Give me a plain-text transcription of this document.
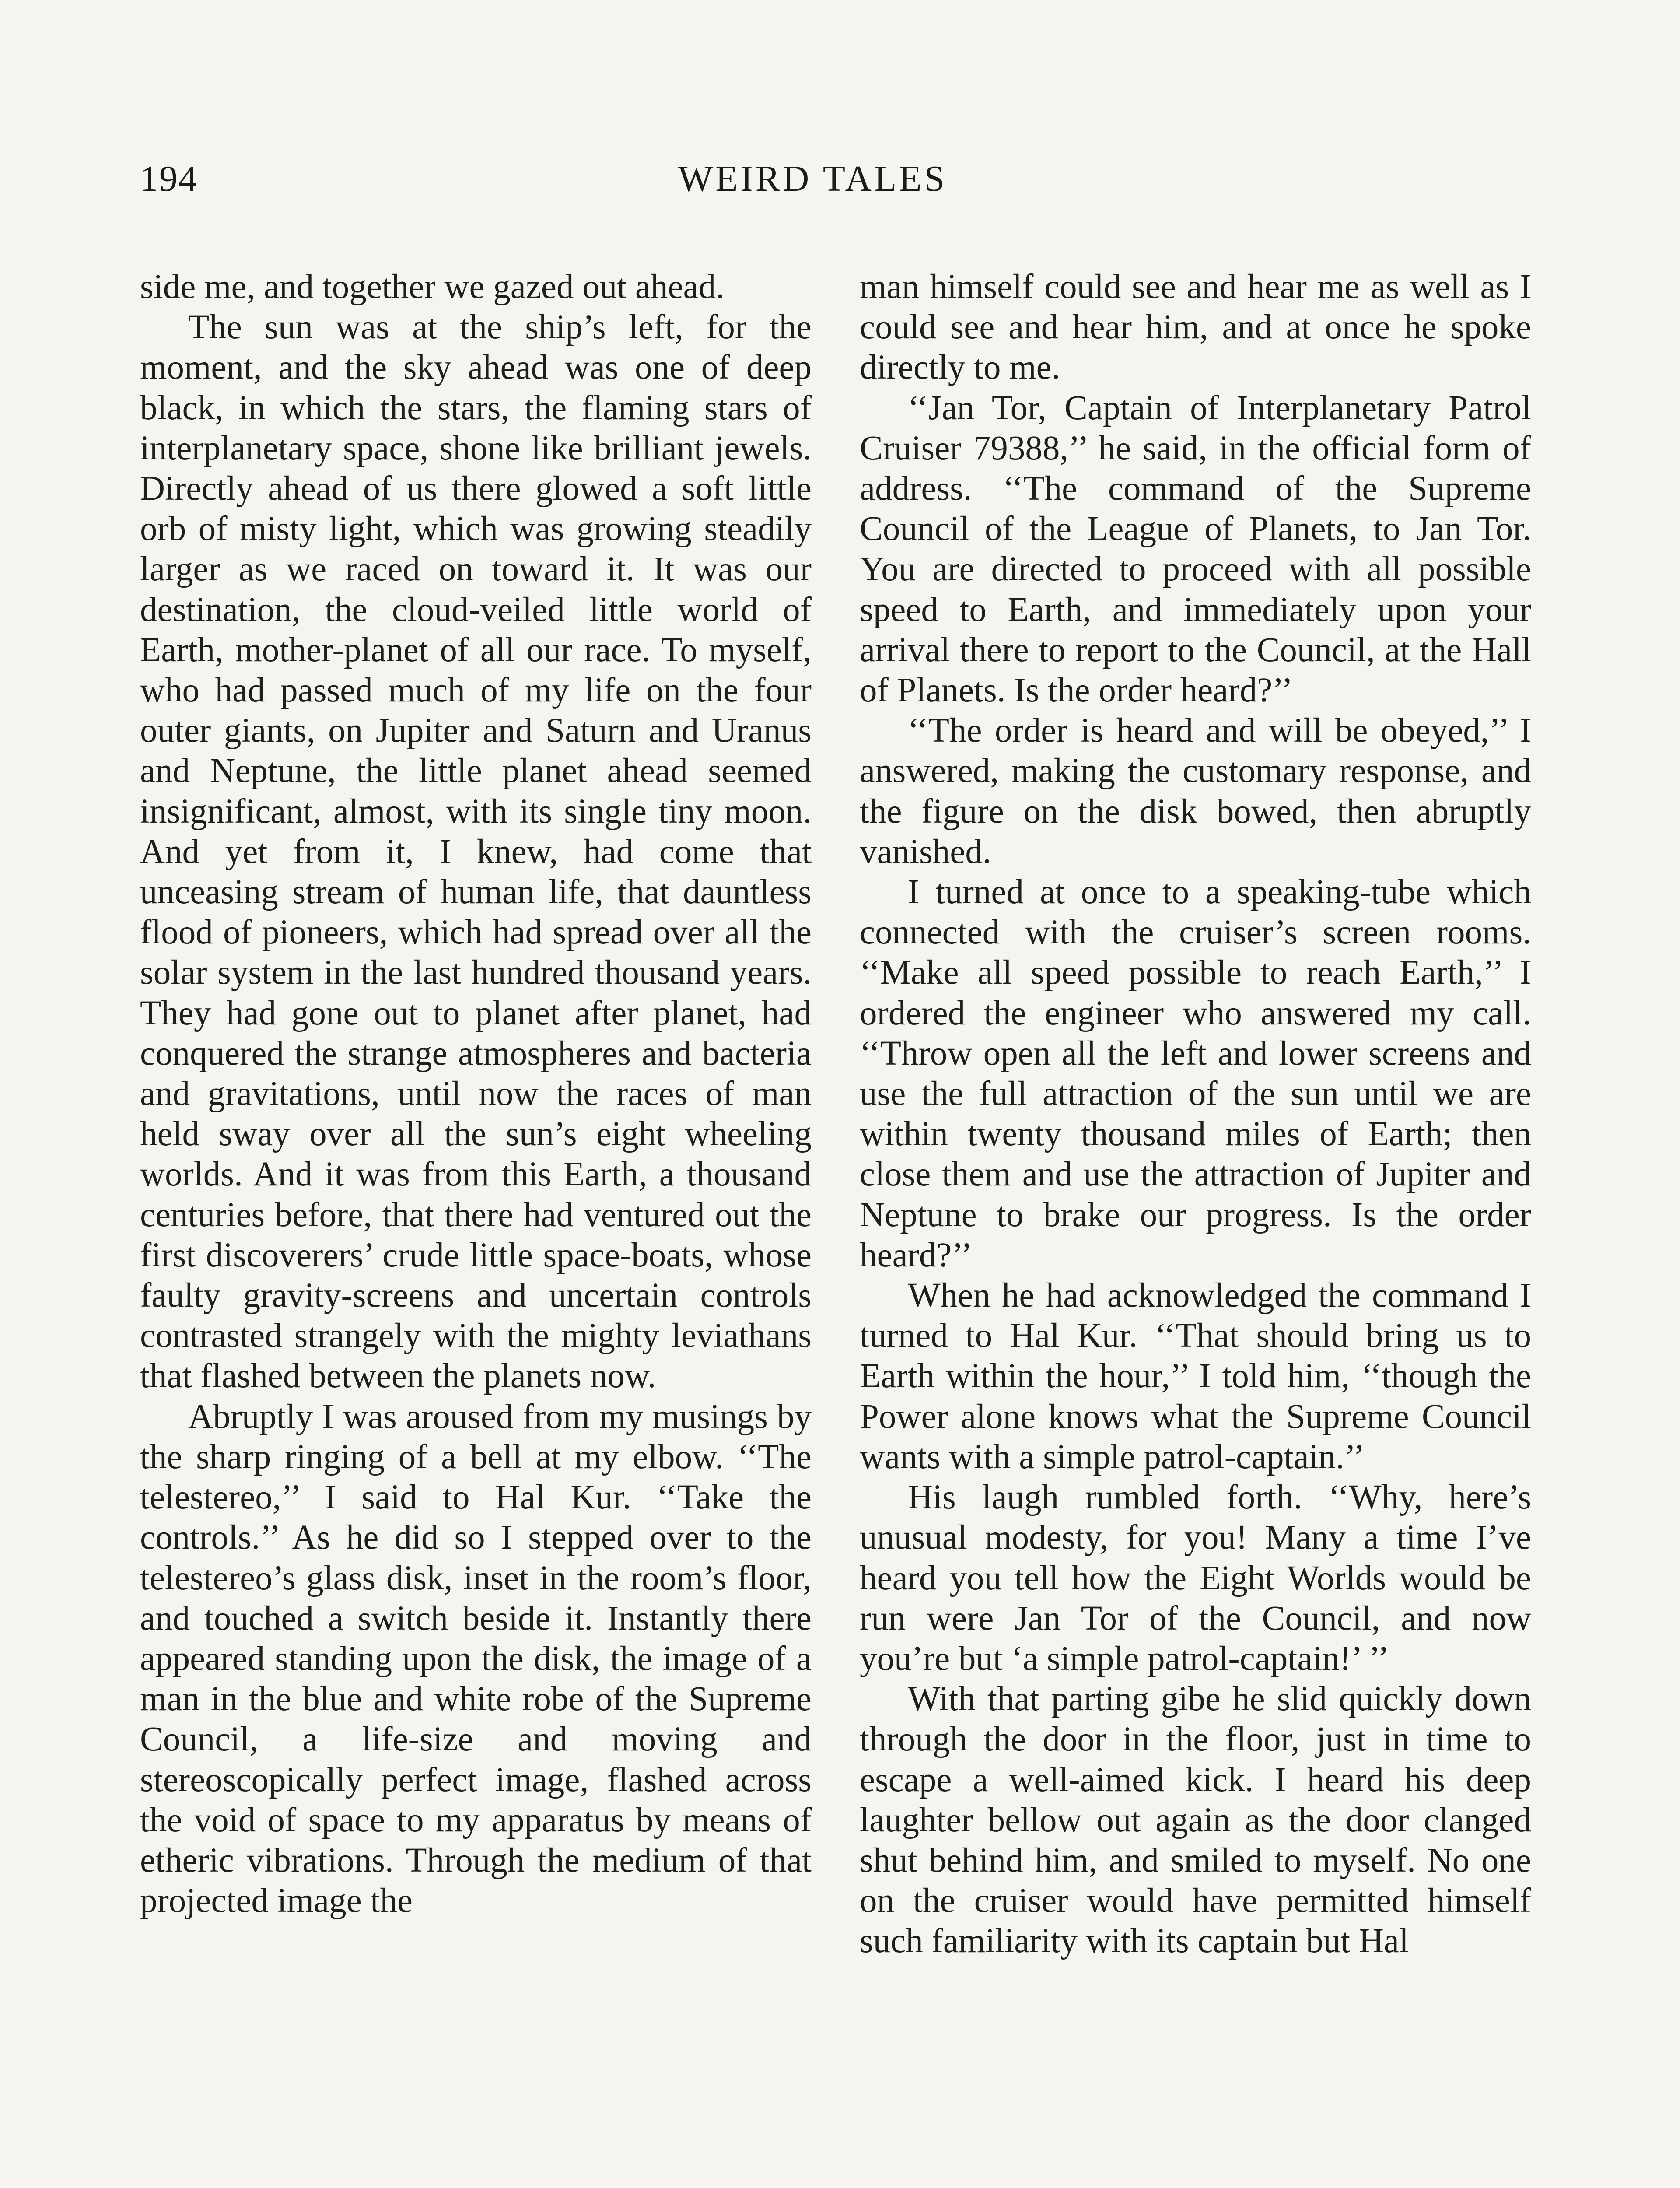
194	WEIRD TALES

side me, and together we gazed out ahead.

The sun was at the ship’s left, for the moment, and the sky ahead was one of deep black, in which the stars, the flaming stars of interplanetary space, shone like brilliant jewels. Directly ahead of us there glowed a soft little orb of misty light, which was growing steadily larger as we raced on toward it. It was our destination, the cloud-veiled little world of Earth, mother-planet of all our race. To myself, who had passed much of my life on the four outer giants, on Jupiter and Saturn and Uranus and Neptune, the little planet ahead seemed insignificant, almost, with its single tiny moon. And yet from it, I knew, had come that unceasing stream of human life, that dauntless flood of pioneers, which had spread over all the solar system in the last hundred thousand years. They had gone out to planet after planet, had conquered the strange atmospheres and bacteria and gravitations, until now the races of man held sway over all the sun’s eight wheeling worlds. And it was from this Earth, a thousand centuries before, that there had ventured out the first discoverers’ crude little space-boats, whose faulty gravity-screens and uncertain controls contrasted strangely with the mighty leviathans that flashed between the planets now.

Abruptly I was aroused from my musings by the sharp ringing of a bell at my elbow. ‘‘The telestereo,’’ I said to Hal Kur. ‘‘Take the controls.’’ As he did so I stepped over to the telestereo’s glass disk, inset in the room’s floor, and touched a switch beside it. Instantly there appeared standing upon the disk, the image of a man in the blue and white robe of the Supreme Council, a life-size and moving and stereoscopically perfect image, flashed across the void of space to my apparatus by means of etheric vibrations. Through the medium of that projected image the

man himself could see and hear me as well as I could see and hear him, and at once he spoke directly to me.

‘‘Jan Tor, Captain of Interplanetary Patrol Cruiser 79388,’’ he said, in the official form of address. ‘‘The command of the Supreme Council of the League of Planets, to Jan Tor. You are directed to proceed with all possible speed to Earth, and immediately upon your arrival there to report to the Council, at the Hall of Planets. Is the order heard?’’

‘‘The order is heard and will be obeyed,’’ I answered, making the customary response, and the figure on the disk bowed, then abruptly vanished.

I turned at once to a speaking-tube which connected with the cruiser’s screen rooms. ‘‘Make all speed possible to reach Earth,’’ I ordered the engineer who answered my call. ‘‘Throw open all the left and lower screens and use the full attraction of the sun until we are within twenty thousand miles of Earth; then close them and use the attraction of Jupiter and Neptune to brake our progress. Is the order heard?’’

When he had acknowledged the command I turned to Hal Kur. ‘‘That should bring us to Earth within the hour,’’ I told him, ‘‘though the Power alone knows what the Supreme Council wants with a simple patrol-captain.’’

His laugh rumbled forth. ‘‘Why, here’s unusual modesty, for you! Many a time I’ve heard you tell how the Eight Worlds would be run were Jan Tor of the Council, and now you’re but ‘a simple patrol-captain!’ ’’

With that parting gibe he slid quickly down through the door in the floor, just in time to escape a well-aimed kick. I heard his deep laughter bellow out again as the door clanged shut behind him, and smiled to myself. No one on the cruiser would have permitted himself such familiarity with its captain but Hal
